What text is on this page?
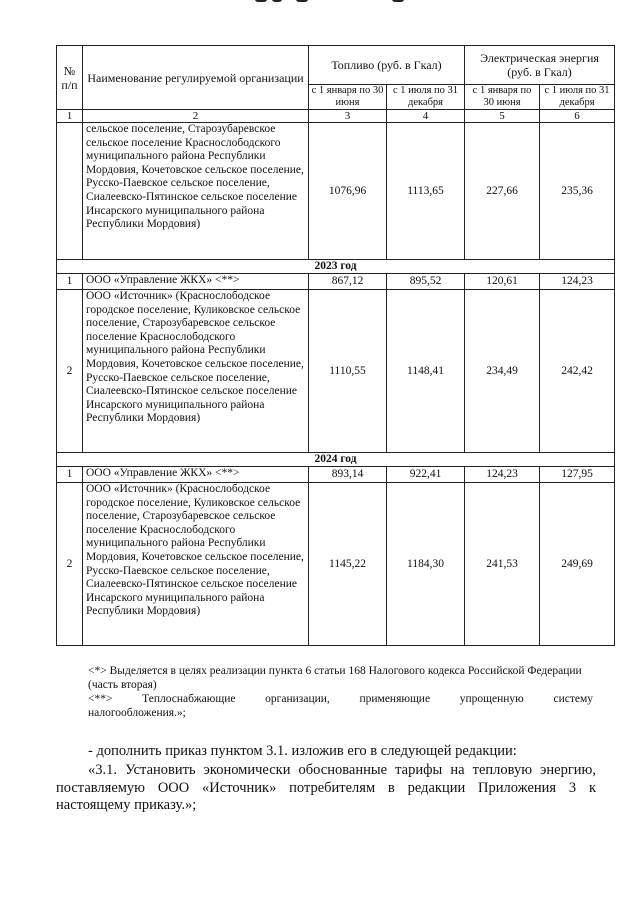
№ п/п	Наименование регулируемой организации	Топливо (руб. в Гкал)		Электрическая энергия (руб. в Гкал)	
		с 1 января по 30 июня	с 1 июля по 31 декабря	с 1 января по 30 июня	с 1 июля по 31 декабря
1	2	3	4	5	6
	сельское поселение, Старозубаревское сельское поселение Краснослободского муниципального района Республики Мордовия, Кочетовское сельское поселение, Русско-Паевское сельское поселение, Сиалеевско-Пятинское сельское поселение Инсарского муниципального района Республики Мордовия)	1076,96	1113,65	227,66	235,36
2023 год					
1	ООО «Управление ЖКХ» <**>	867,12	895,52	120,61	124,23
2	ООО «Источник» (Краснослободское городское поселение, Куликовское сельское поселение, Старозубаревское сельское поселение Краснослободского муниципального района Республики Мордовия, Кочетовское сельское поселение, Русско-Паевское сельское поселение, Сиалеевско-Пятинское сельское поселение Инсарского муниципального района Республики Мордовия)	1110,55	1148,41	234,49	242,42
2024 год					
1	ООО «Управление ЖКХ» <**>	893,14	922,41	124,23	127,95
2	ООО «Источник» (Краснослободское городское поселение, Куликовское сельское поселение, Старозубаревское сельское поселение Краснослободского муниципального района Республики Мордовия, Кочетовское сельское поселение, Русско-Паевское сельское поселение, Сиалеевско-Пятинское сельское поселение Инсарского муниципального района Республики Мордовия)	1145,22	1184,30	241,53	249,69
<*> Выделяется в целях реализации пункта 6 статьи 168 Налогового кодекса Российской Федерации (часть вторая)
<**> Теплоснабжающие организации, применяющие упрощенную систему
налогообложения.»;
- дополнить приказ пунктом 3.1. изложив его в следующей редакции:
«3.1. Установить экономически обоснованные тарифы на тепловую энергию, поставляемую ООО «Источник» потребителям в редакции Приложения 3 к настоящему приказу.»;
